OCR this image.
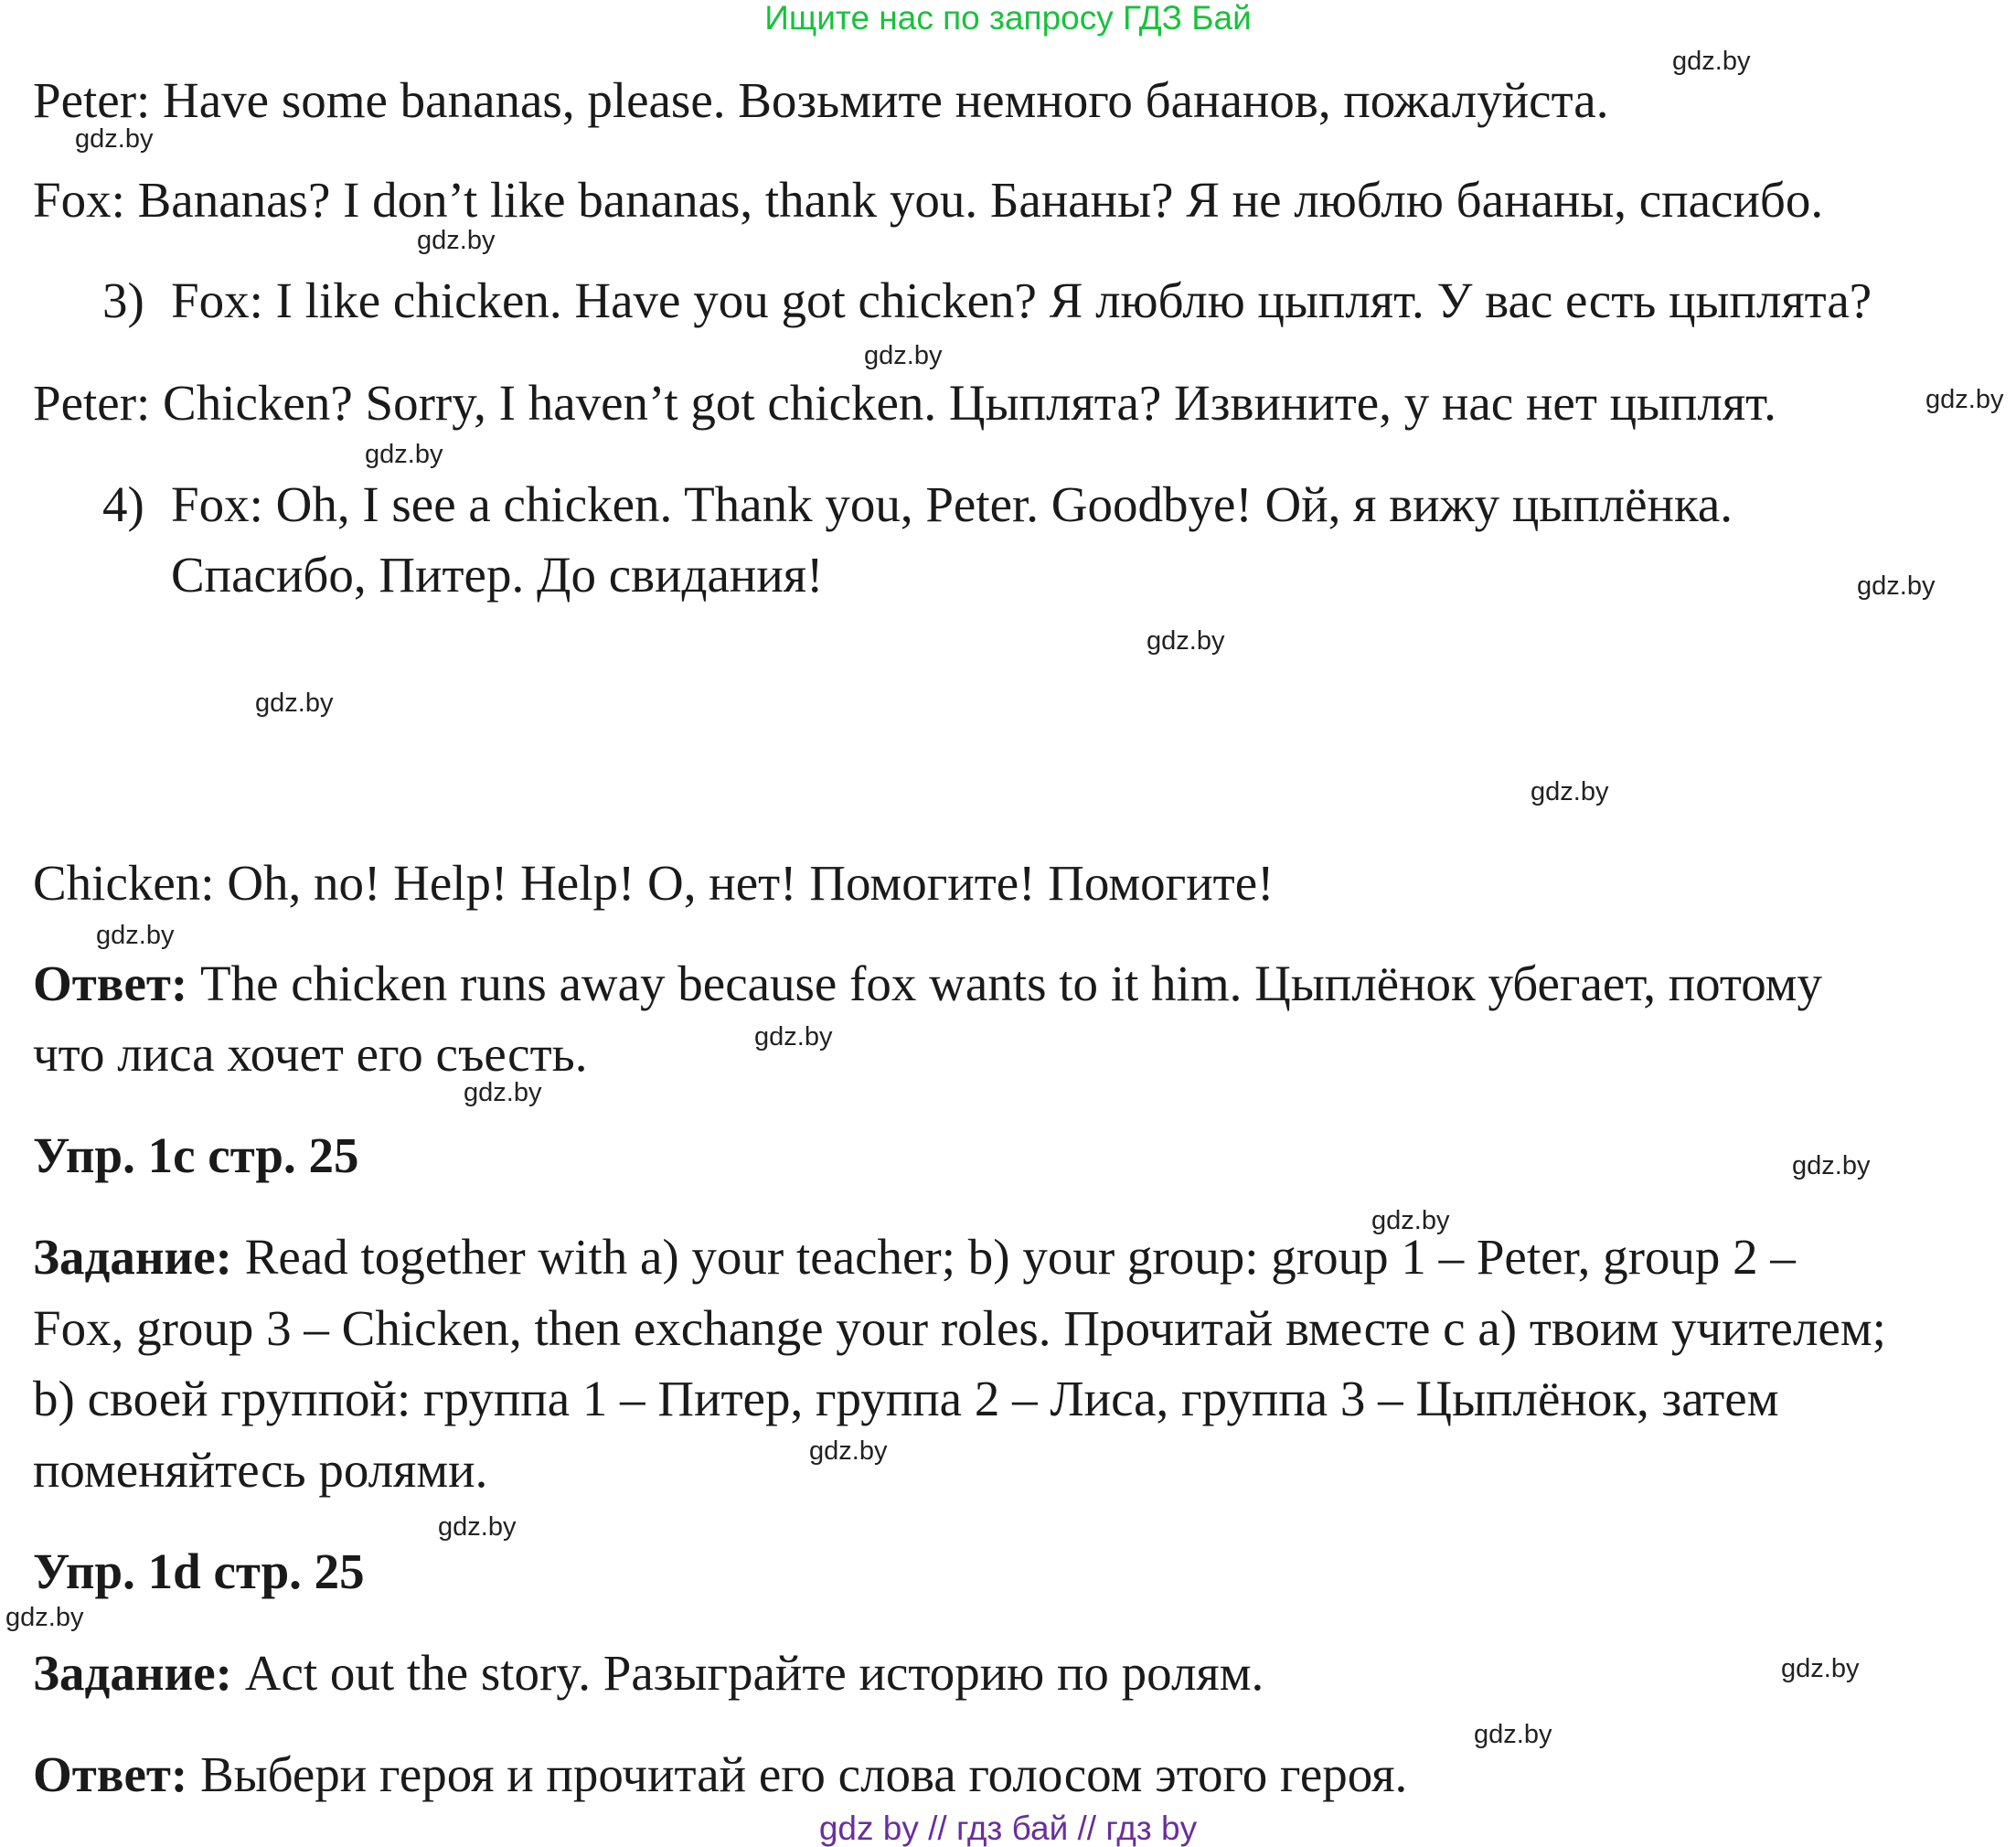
Ищите нас по запросу ГДЗ Бай
Peter: Have some bananas, please. Возьмите немного бананов, пожалуйста.
Fox: Bananas? I don’t like bananas, thank you. Бананы? Я не люблю бананы, спасибо.
3) Fox: I like chicken. Have you got chicken? Я люблю цыплят. У вас есть цыплята?
Peter: Chicken? Sorry, I haven’t got chicken. Цыплята? Извините, у нас нет цыплят.
4) Fox: Oh, I see a chicken. Thank you, Peter. Goodbye! Ой, я вижу цыплёнка.
Спасибо, Питер. До свидания!
Chicken: Oh, no! Help! Help! О, нет! Помогите! Помогите!
Ответ: The chicken runs away because fox wants to it him. Цыплёнок убегает, потому
что лиса хочет его съесть.
Упр. 1c стр. 25
Задание: Read together with a) your teacher; b) your group: group 1 – Peter, group 2 –
Fox, group 3 – Chicken, then exchange your roles. Прочитай вместе с а) твоим учителем;
b) своей группой: группа 1 – Питер, группа 2 – Лиса, группа 3 – Цыплёнок, затем
поменяйтесь ролями.
Упр. 1d стр. 25
Задание: Act out the story. Разыграйте историю по ролям.
Ответ: Выбери героя и прочитай его слова голосом этого героя.
gdz.by
gdz.by
gdz.by
gdz.by
gdz.by
gdz.by
gdz.by
gdz.by
gdz.by
gdz.by
gdz.by
gdz.by
gdz.by
gdz.by
gdz.by
gdz.by
gdz.by
gdz.by
gdz.by
gdz.by
gdz by // гдз бай // гдз by
